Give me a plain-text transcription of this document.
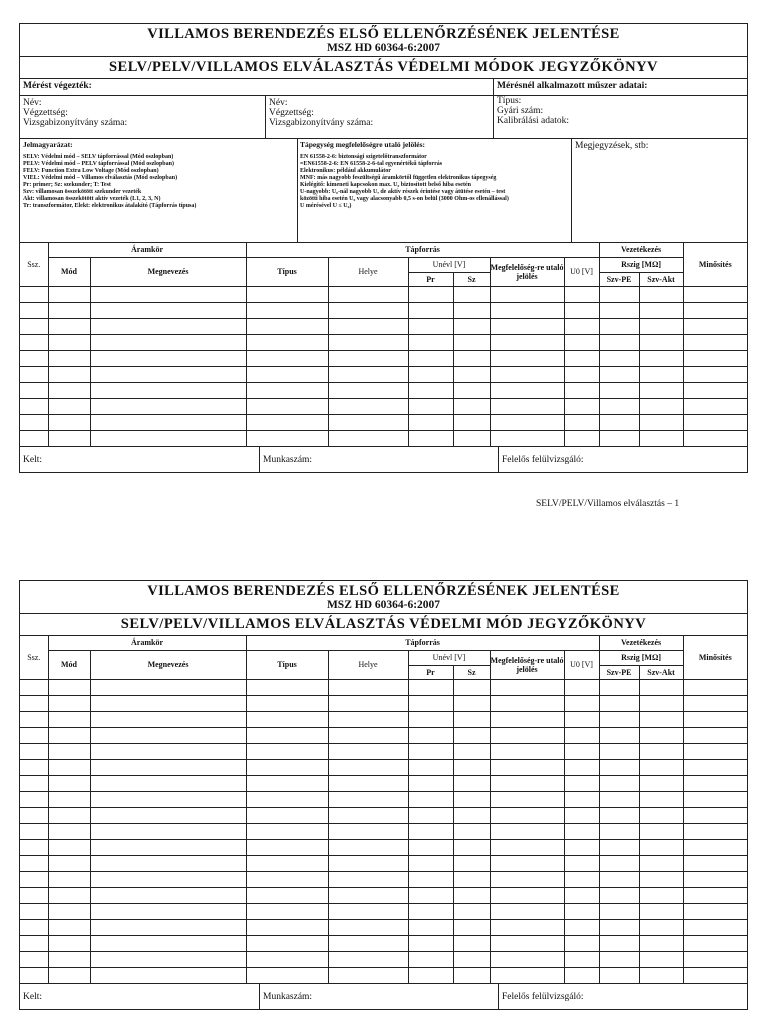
VILLAMOS BERENDEZÉS ELSŐ ELLENŐRZÉSÉNEK JELENTÉSE
MSZ HD 60364-6:2007
SELV/PELV/VILLAMOS ELVÁLASZTÁS VÉDELMI MÓDOK JEGYZŐKÖNYV
Mérést végezték:	Mérésnél alkalmazott műszer adatai:
Név:
Végzettség:
Vizsgabizonyítvány száma:
Név:
Végzettség:
Vizsgabizonyítvány száma:
Típus:
Gyári szám:
Kalibrálási adatok:
Jelmagyarázat:
SELV: Védelmi mód – SELV tápforrással (Mód oszlopban)
PELV: Védelmi mód – PELV tápforrással (Mód oszlopban)
FELV: Function Extra Low Voltage (Mód oszlopban)
VIEL: Védelmi mód – Villamos elválasztás (Mód oszlopban)
Pr: primer; Sz: szekunder; T: Test
Szv: villamosan összekötött szekunder vezeték
Akt: villamosan összekötött aktív vezeték (L1, 2, 3, N)
Tr: transzformátor, Elekt: elektronikus átalakító (Tápforrás típusa)
Tápegység megfelelőségre utaló jelölés:
EN 61558-2-6: biztonsági szigetelőtranszformátor
=EN61558-2-6: EN 61558-2-6-tal egyenértékű tápforrás
Elektronikus: például akkumulátor
MNF: más nagyobb feszültségű áramkörtől független elektronikus tápegység
Kielégítő: kimeneti kapcsokon max. U₀ biztosított belső hiba esetén
U-nagyobb: U₀-nál nagyobb U, de aktív részek érintése vagy átütése esetén – test
közötti hiba esetén U₀ vagy alacsonyabb 0,5 s-on belül (3000 Ohm-os ellenállással)
U mérésével U ≤ U₀)
Megjegyzések, stb:
Ssz.	Áramkör		Tápforrás						Vezetékezés		Minősítés
	Mód	Megnevezés	Típus	Helye	Unévl [V]		Megfelelőség-re utaló jelölés	U0 [V]	Rszig [MΩ]		
					Pr	Sz			Szv-PE	Szv-Akt	

Kelt:	Munkaszám:	Felelős felülvizsgáló:
SELV/PELV/Villamos elválasztás – 1
VILLAMOS BERENDEZÉS ELSŐ ELLENŐRZÉSÉNEK JELENTÉSE
MSZ HD 60364-6:2007
SELV/PELV/VILLAMOS ELVÁLASZTÁS VÉDELMI MÓD JEGYZŐKÖNYV
Ssz.	Áramkör		Tápforrás						Vezetékezés		Minősítés
	Mód	Megnevezés	Típus	Helye	Unévl [V]		Megfelelőség-re utaló jelölés	U0 [V]	Rszig [MΩ]		
					Pr	Sz			Szv-PE	Szv-Akt	

Kelt:	Munkaszám:	Felelős felülvizsgáló:
